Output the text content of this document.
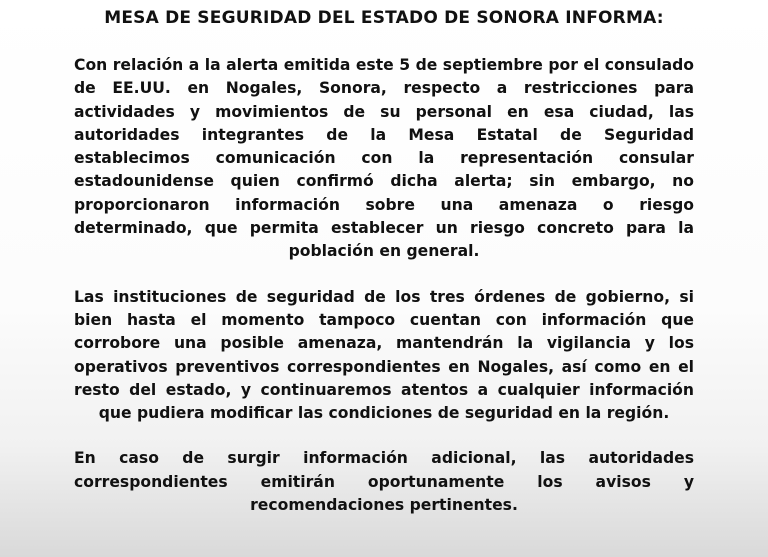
MESA DE SEGURIDAD DEL ESTADO DE SONORA INFORMA:

Con relación a la alerta emitida este 5 de septiembre por el consulado de EE.UU. en Nogales, Sonora, respecto a restricciones para actividades y movimientos de su personal en esa ciudad, las autoridades integrantes de la Mesa Estatal de Seguridad establecimos comunicación con la representación consular estadounidense quien confirmó dicha alerta; sin embargo, no proporcionaron información sobre una amenaza o riesgo determinado, que permita establecer un riesgo concreto para la población en general.

Las instituciones de seguridad de los tres órdenes de gobierno, si bien hasta el momento tampoco cuentan con información que corrobore una posible amenaza, mantendrán la vigilancia y los operativos preventivos correspondientes en Nogales, así como en el resto del estado, y continuaremos atentos a cualquier información que pudiera modificar las condiciones de seguridad en la región.

En caso de surgir información adicional, las autoridades correspondientes emitirán oportunamente los avisos y recomendaciones pertinentes.
